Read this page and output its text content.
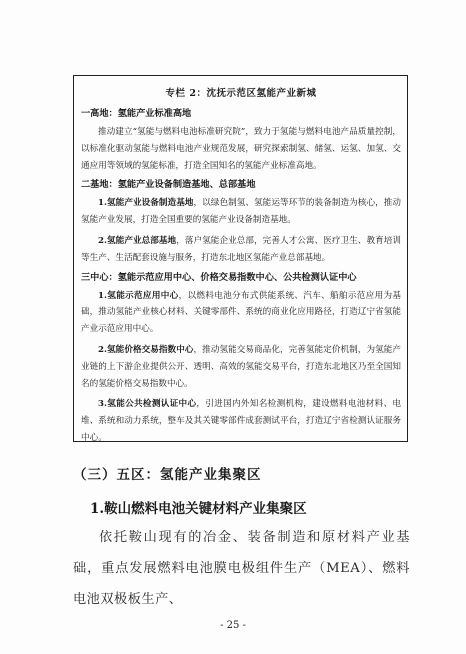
专栏 2：沈抚示范区氢能产业新城
一高地：氢能产业标准高地
推动建立“氢能与燃料电池标准研究院”，致力于氢能与燃料电池产品质量控制，以标准化驱动氢能与燃料电池产业规范发展，研究探索制氢、储氢、运氢、加氢、交通应用等领域的氢能标准，打造全国知名的氢能产业标准高地。
二基地：氢能产业设备制造基地、总部基地
1.氢能产业设备制造基地，以绿色制氢、氢能运等环节的装备制造为核心，推动氢能产业发展，打造全国重要的氢能产业设备制造基地。
2.氢能产业总部基地，落户氢能企业总部，完善人才公寓、医疗卫生、教育培训等生产、生活配套设施与服务，打造东北地区氢能产业总部基地。
三中心：氢能示范应用中心、价格交易指数中心、公共检测认证中心
1.氢能示范应用中心，以燃料电池分布式供能系统、汽车、船舶示范应用为基础，推动氢能产业核心材料、关键零部件、系统的商业化应用路径，打造辽宁省氢能产业示范应用中心。
2.氢能价格交易指数中心，推动氢能交易商品化，完善氢能定价机制，为氢能产业链的上下游企业提供公开、透明、高效的氢能交易平台，打造东北地区乃至全国知名的氢能价格交易指数中心。
3.氢能公共检测认证中心，引进国内外知名检测机构，建设燃料电池材料、电堆、系统和动力系统，整车及其关键零部件成套测试平台，打造辽宁省检测认证服务中心。
（三）五区：氢能产业集聚区
1.鞍山燃料电池关键材料产业集聚区
依托鞍山现有的冶金、装备制造和原材料产业基础，重点发展燃料电池膜电极组件生产（MEA）、燃料电池双极板生产、
- 25 -
